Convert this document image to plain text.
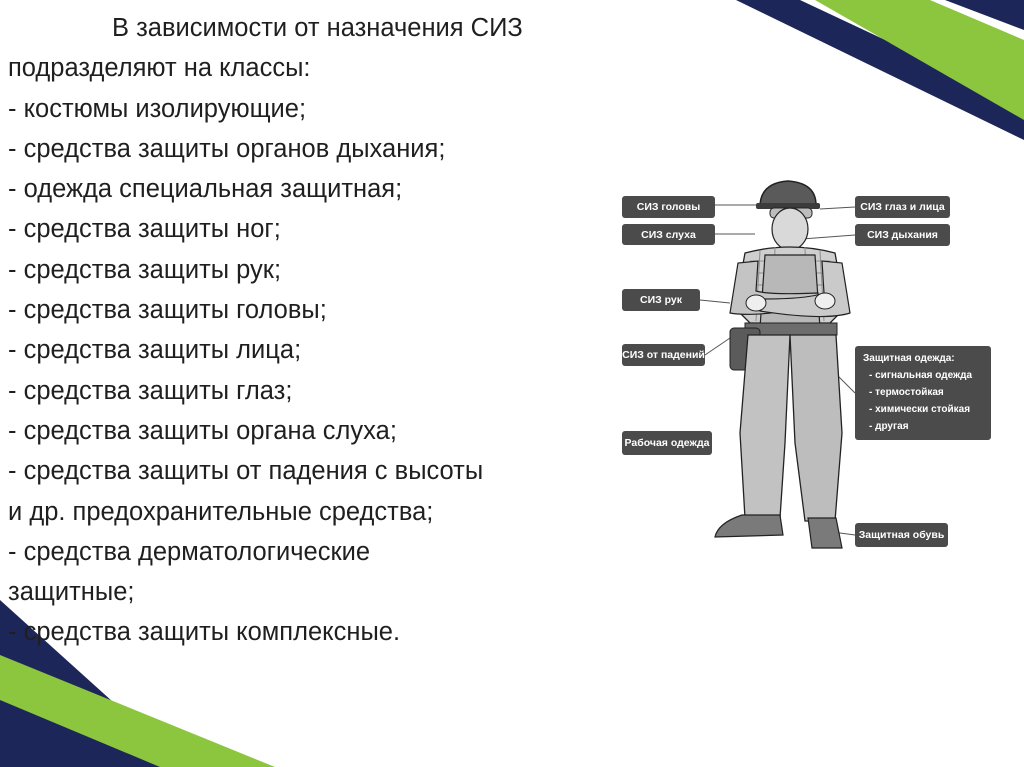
В зависимости от назначения СИЗ
подразделяют на классы:
- костюмы изолирующие;
- средства защиты органов дыхания;
- одежда специальная защитная;
- средства защиты ног;
- средства защиты рук;
- средства защиты головы;
- средства защиты лица;
- средства защиты глаз;
- средства защиты органа слуха;
- средства защиты от падения с высоты
и др. предохранительные средства;
- средства дерматологические
защитные;
- средства защиты комплексные.
СИЗ головы
СИЗ слуха
СИЗ рук
СИЗ от падений
Рабочая одежда
СИЗ глаз и лица
СИЗ дыхания
Защитная одежда:
- сигнальная одежда
- термостойкая
- химически стойкая
- другая
Защитная обувь
